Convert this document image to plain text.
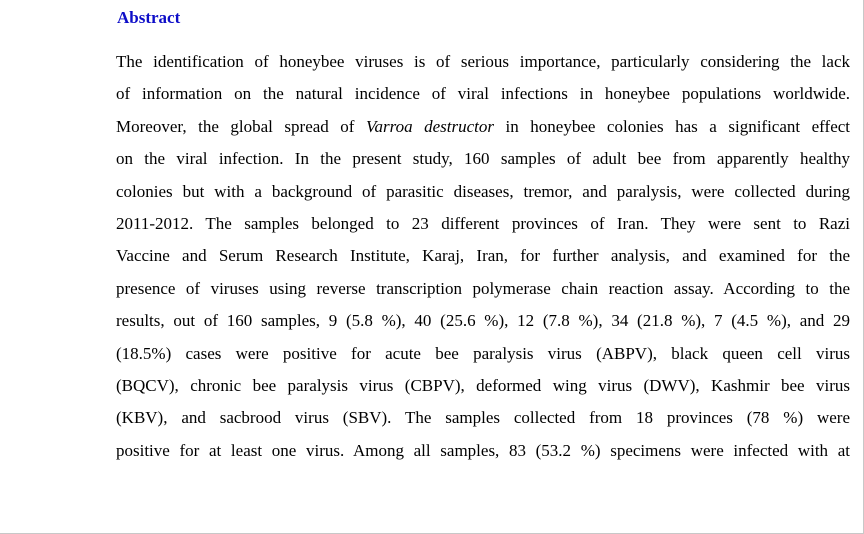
Abstract
The identification of honeybee viruses is of serious importance, particularly considering the lack
of information on the natural incidence of viral infections in honeybee populations worldwide.
Moreover, the global spread of Varroa destructor in honeybee colonies has a significant effect
on the viral infection. In the present study, 160 samples of adult bee from apparently healthy
colonies but with a background of parasitic diseases, tremor, and paralysis, were collected during
2011-2012. The samples belonged to 23 different provinces of Iran. They were sent to Razi
Vaccine and Serum Research Institute, Karaj, Iran, for further analysis, and examined for the
presence of viruses using reverse transcription polymerase chain reaction assay. According to the
results, out of 160 samples, 9 (5.8 %), 40 (25.6 %), 12 (7.8 %), 34 (21.8 %), 7 (4.5 %), and 29
(18.5%) cases were positive for acute bee paralysis virus (ABPV), black queen cell virus
(BQCV), chronic bee paralysis virus (CBPV), deformed wing virus (DWV), Kashmir bee virus
(KBV), and sacbrood virus (SBV). The samples collected from 18 provinces (78 %) were
positive for at least one virus. Among all samples, 83 (53.2 %) specimens were infected with at
